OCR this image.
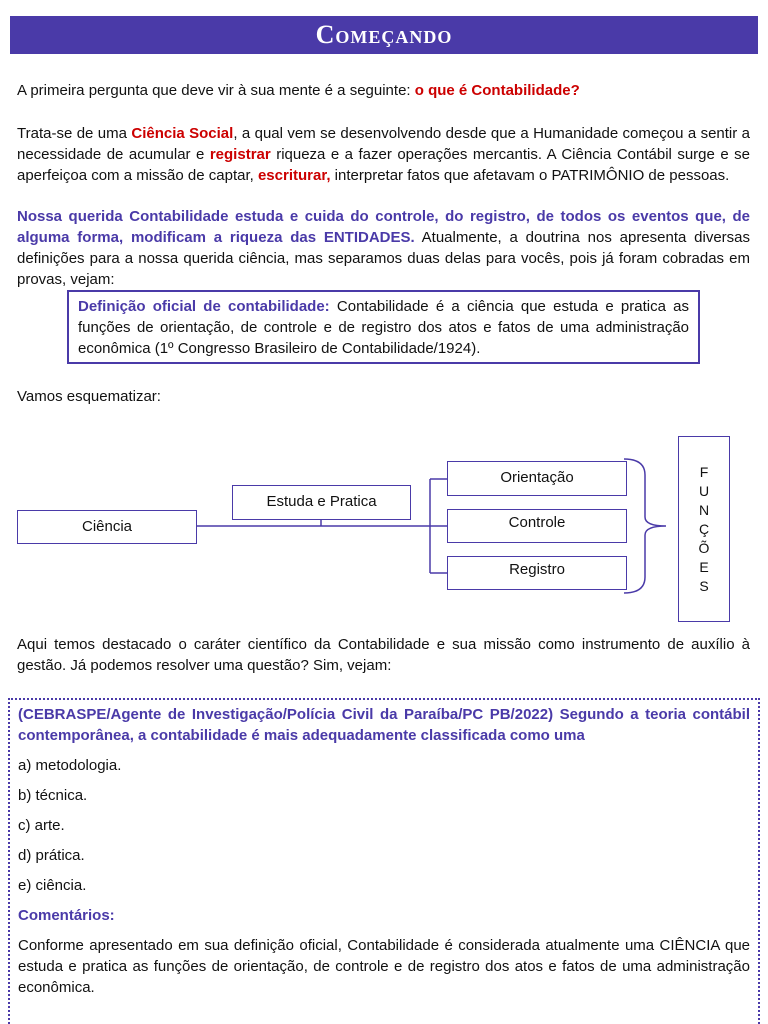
Começando

A primeira pergunta que deve vir à sua mente é a seguinte: o que é Contabilidade?

Trata-se de uma Ciência Social, a qual vem se desenvolvendo desde que a Humanidade começou a sentir a necessidade de acumular e registrar riqueza e a fazer operações mercantis. A Ciência Contábil surge e se aperfeiçoa com a missão de captar, escriturar, interpretar fatos que afetavam o PATRIMÔNIO de pessoas.

Nossa querida Contabilidade estuda e cuida do controle, do registro, de todos os eventos que, de alguma forma, modificam a riqueza das ENTIDADES. Atualmente, a doutrina nos apresenta diversas definições para a nossa querida ciência, mas separamos duas delas para vocês, pois já foram cobradas em provas, vejam:

Definição oficial de contabilidade: Contabilidade é a ciência que estuda e pratica as funções de orientação, de controle e de registro dos atos e fatos de uma administração econômica (1º Congresso Brasileiro de Contabilidade/1924).

Vamos esquematizar:

Ciência
Estuda e Pratica
Orientação
Controle
Registro
F
U
N
Ç
Õ
E
S

Aqui temos destacado o caráter científico da Contabilidade e sua missão como instrumento de auxílio à gestão. Já podemos resolver uma questão? Sim, vejam:

(CEBRASPE/Agente de Investigação/Polícia Civil da Paraíba/PC PB/2022) Segundo a teoria contábil contemporânea, a contabilidade é mais adequadamente classificada como uma

a) metodologia.
b) técnica.
c) arte.
d) prática.
e) ciência.
Comentários:

Conforme apresentado em sua definição oficial, Contabilidade é considerada atualmente uma CIÊNCIA que estuda e pratica as funções de orientação, de controle e de registro dos atos e fatos de uma administração econômica.
